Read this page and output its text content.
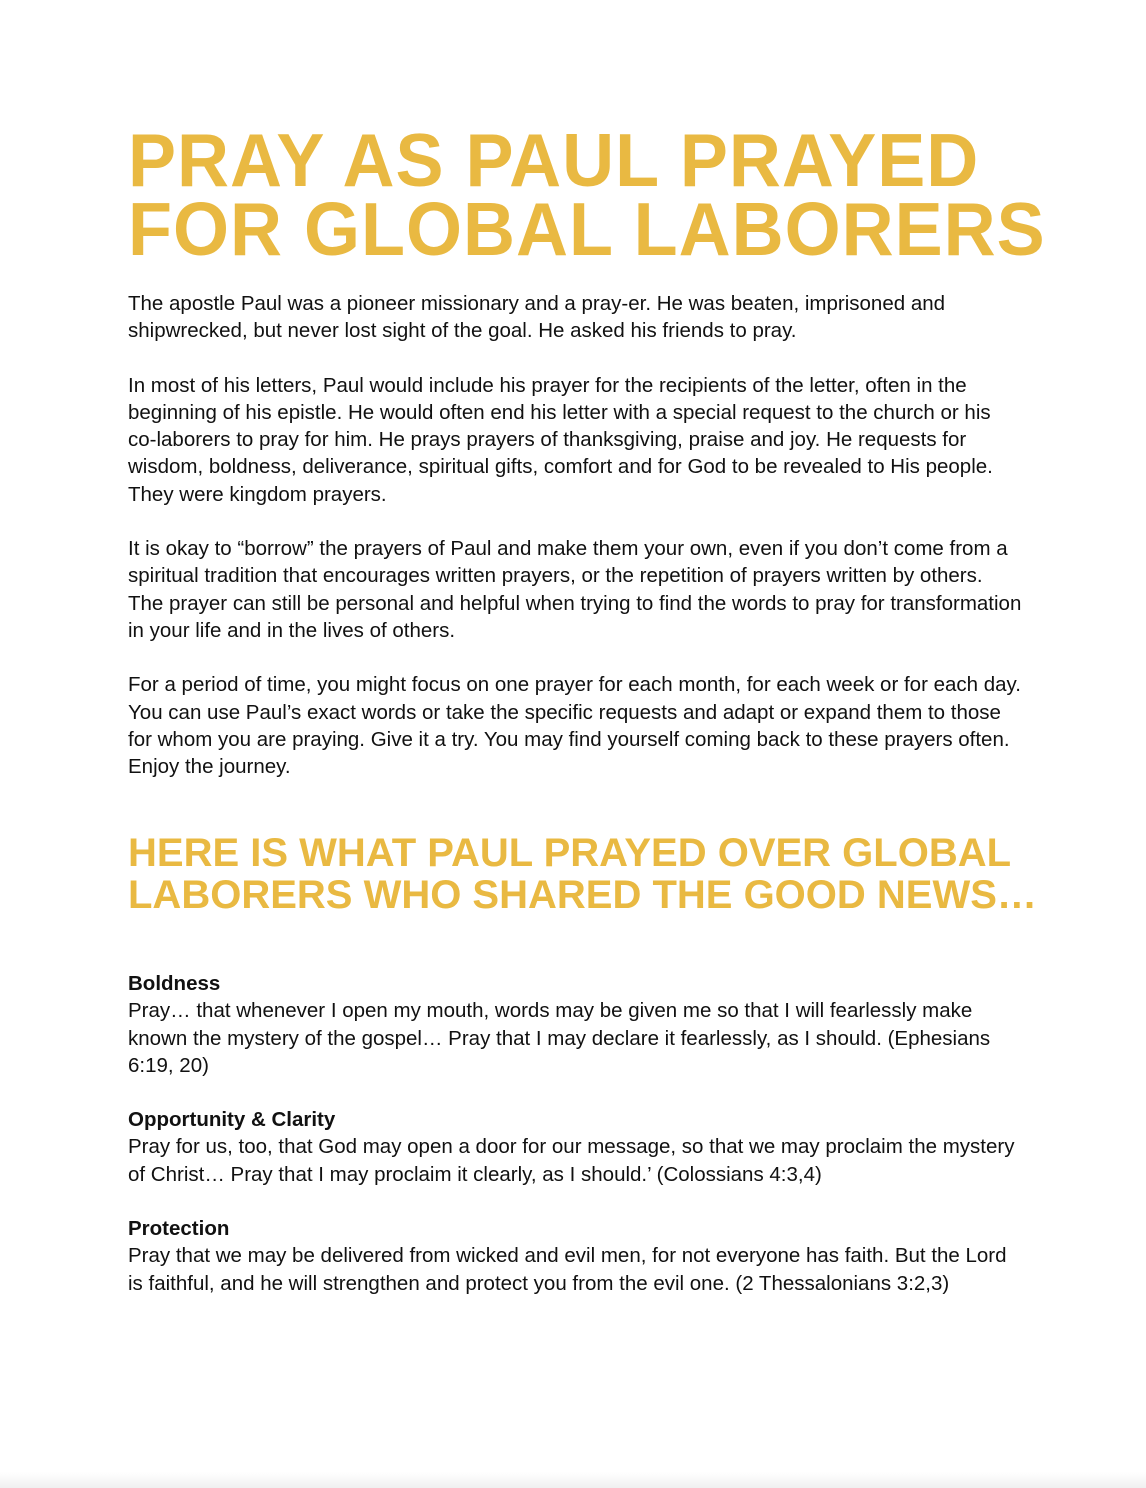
PRAY AS PAUL PRAYED
FOR GLOBAL LABORERS

The apostle Paul was a pioneer missionary and a pray-er. He was beaten, imprisoned and shipwrecked, but never lost sight of the goal. He asked his friends to pray.

In most of his letters, Paul would include his prayer for the recipients of the letter, often in the beginning of his epistle. He would often end his letter with a special request to the church or his co-laborers to pray for him. He prays prayers of thanksgiving, praise and joy. He requests for wisdom, boldness, deliverance, spiritual gifts, comfort and for God to be revealed to His people. They were kingdom prayers.

It is okay to “borrow” the prayers of Paul and make them your own, even if you don’t come from a spiritual tradition that encourages written prayers, or the repetition of prayers written by others. The prayer can still be personal and helpful when trying to find the words to pray for transformation in your life and in the lives of others.

For a period of time, you might focus on one prayer for each month, for each week or for each day. You can use Paul’s exact words or take the specific requests and adapt or expand them to those for whom you are praying. Give it a try. You may find yourself coming back to these prayers often. Enjoy the journey.

HERE IS WHAT PAUL PRAYED OVER GLOBAL
LABORERS WHO SHARED THE GOOD NEWS…
Boldness

Pray… that whenever I open my mouth, words may be given me so that I will fearlessly make known the mystery of the gospel… Pray that I may declare it fearlessly, as I should. (Ephesians 6:19, 20)

Opportunity & Clarity

Pray for us, too, that God may open a door for our message, so that we may proclaim the mystery of Christ… Pray that I may proclaim it clearly, as I should.’ (Colossians 4:3,4)

Protection

Pray that we may be delivered from wicked and evil men, for not everyone has faith. But the Lord is faithful, and he will strengthen and protect you from the evil one. (2 Thessalonians 3:2,3)
